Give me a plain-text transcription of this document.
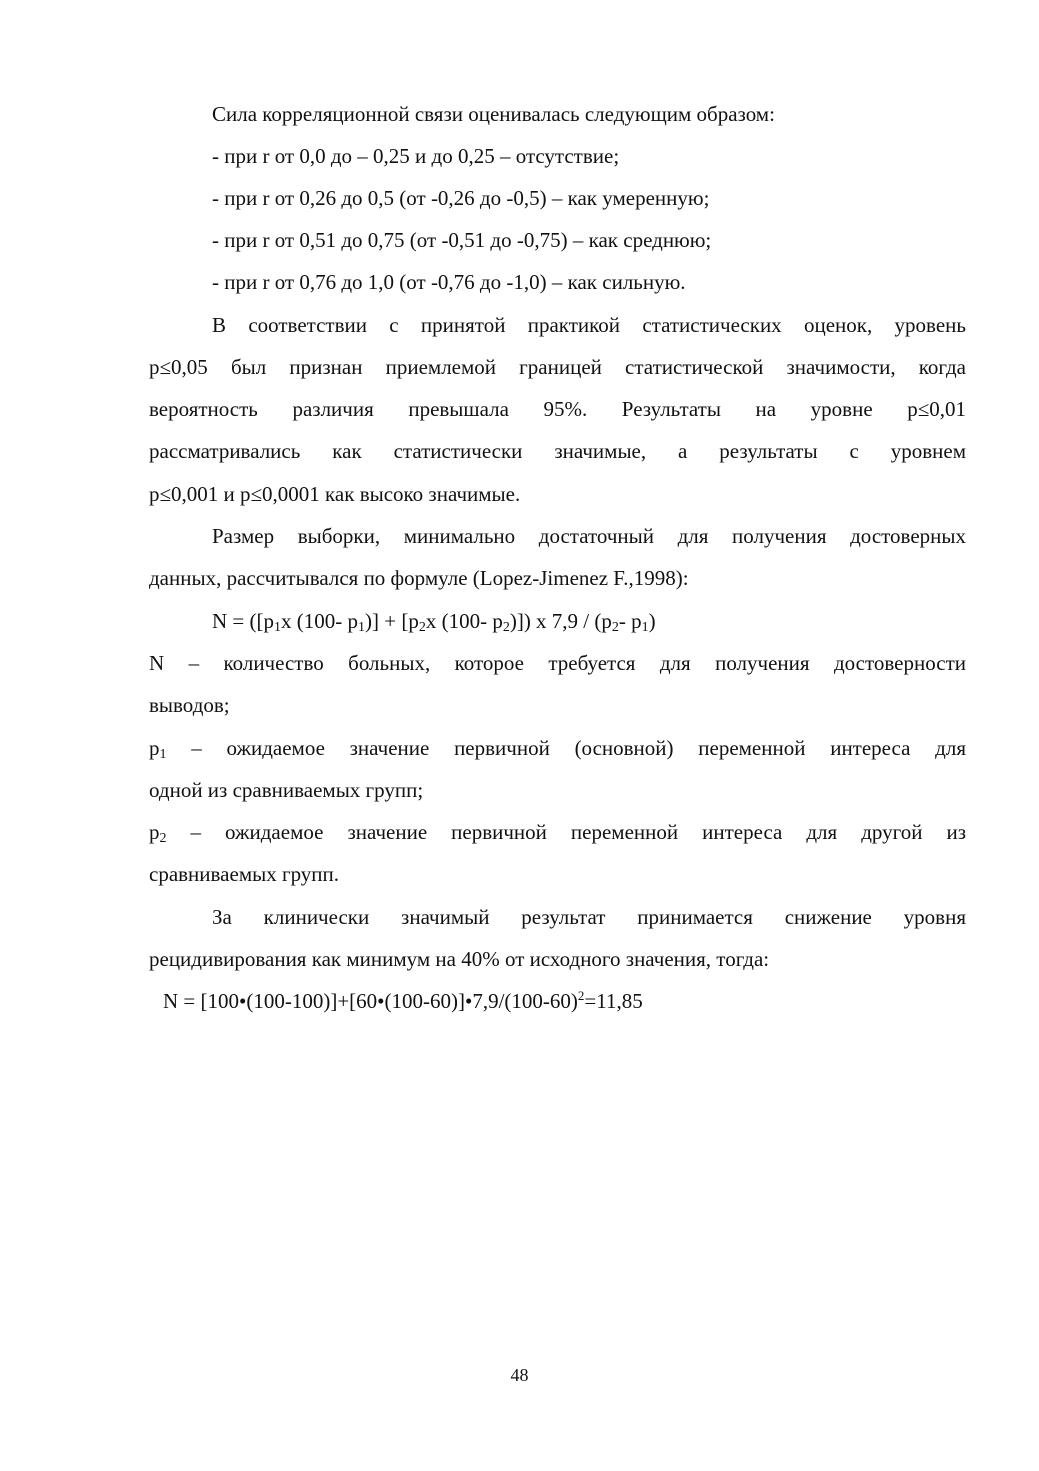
Сила корреляционной связи оценивалась следующим образом:
- при r от 0,0 до – 0,25 и до 0,25 – отсутствие;
- при r от 0,26 до 0,5 (от -0,26 до -0,5) – как умеренную;
- при r от 0,51 до 0,75 (от -0,51 до -0,75) – как среднюю;
- при r от 0,76 до 1,0 (от -0,76 до -1,0) – как сильную.
В соответствии с принятой практикой статистических оценок, уровень
p≤0,05 был признан приемлемой границей статистической значимости, когда
вероятность различия превышала 95%. Результаты на уровне p≤0,01
рассматривались как статистически значимые, а результаты с уровнем
p≤0,001 и p≤0,0001 как высоко значимые.
Размер выборки, минимально достаточный для получения достоверных
данных, рассчитывался по формуле (Lopez-Jimenez F.,1998):
$N = ([p_1x$ (100- $p_1)] + [p_2x$ (100- $p_2$)]) x $7,9 / (p_2-$ $p_1$)
N – количество больных, которое требуется для получения достоверности
выводов;
$p_1$ – ожидаемое значение первичной (основной) переменной интереса для
одной из сравниваемых групп;
$p_2$ – ожидаемое значение первичной переменной интереса для другой из
сравниваемых групп.
За клинически значимый результат принимается снижение уровня
рецидивирования как минимум на 40% от исходного значения, тогда:
$N = [100•(100-100)]+[60•(100-60)]•7,9/(100-60)^2=11,85$
48
